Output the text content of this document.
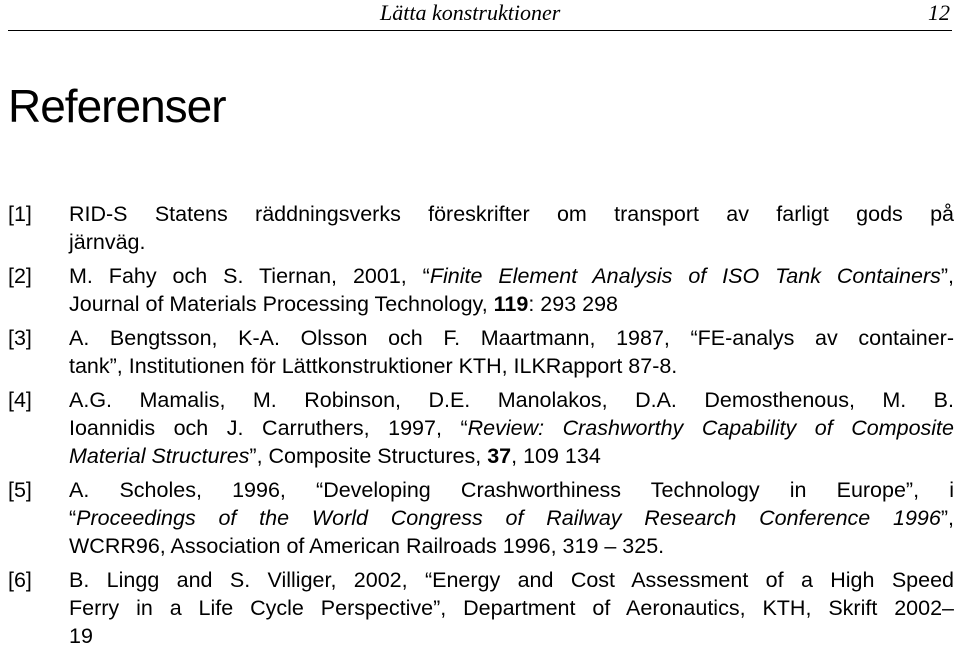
Lätta konstruktioner	12
Referenser
[1] RID-S Statens räddningsverks föreskrifter om transport av farligt gods på
järnväg.
[2] M. Fahy och S. Tiernan, 2001, “Finite Element Analysis of ISO Tank Containers”,
Journal of Materials Processing Technology, 119: 293 298
[3] A. Bengtsson, K-A. Olsson och F. Maartmann, 1987, “FE-analys av container-
tank”, Institutionen för Lättkonstruktioner KTH, ILKRapport 87-8.
[4] A.G. Mamalis, M. Robinson, D.E. Manolakos, D.A. Demosthenous, M. B.
Ioannidis och J. Carruthers, 1997, “Review: Crashworthy Capability of Composite
Material Structures”, Composite Structures, 37, 109 134
[5] A. Scholes, 1996, “Developing Crashworthiness Technology in Europe”, i
“Proceedings of the World Congress of Railway Research Conference 1996”,
WCRR96, Association of American Railroads 1996, 319 – 325.
[6] B. Lingg and S. Villiger, 2002, “Energy and Cost Assessment of a High Speed
Ferry in a Life Cycle Perspective”, Department of Aeronautics, KTH, Skrift 2002–
19
